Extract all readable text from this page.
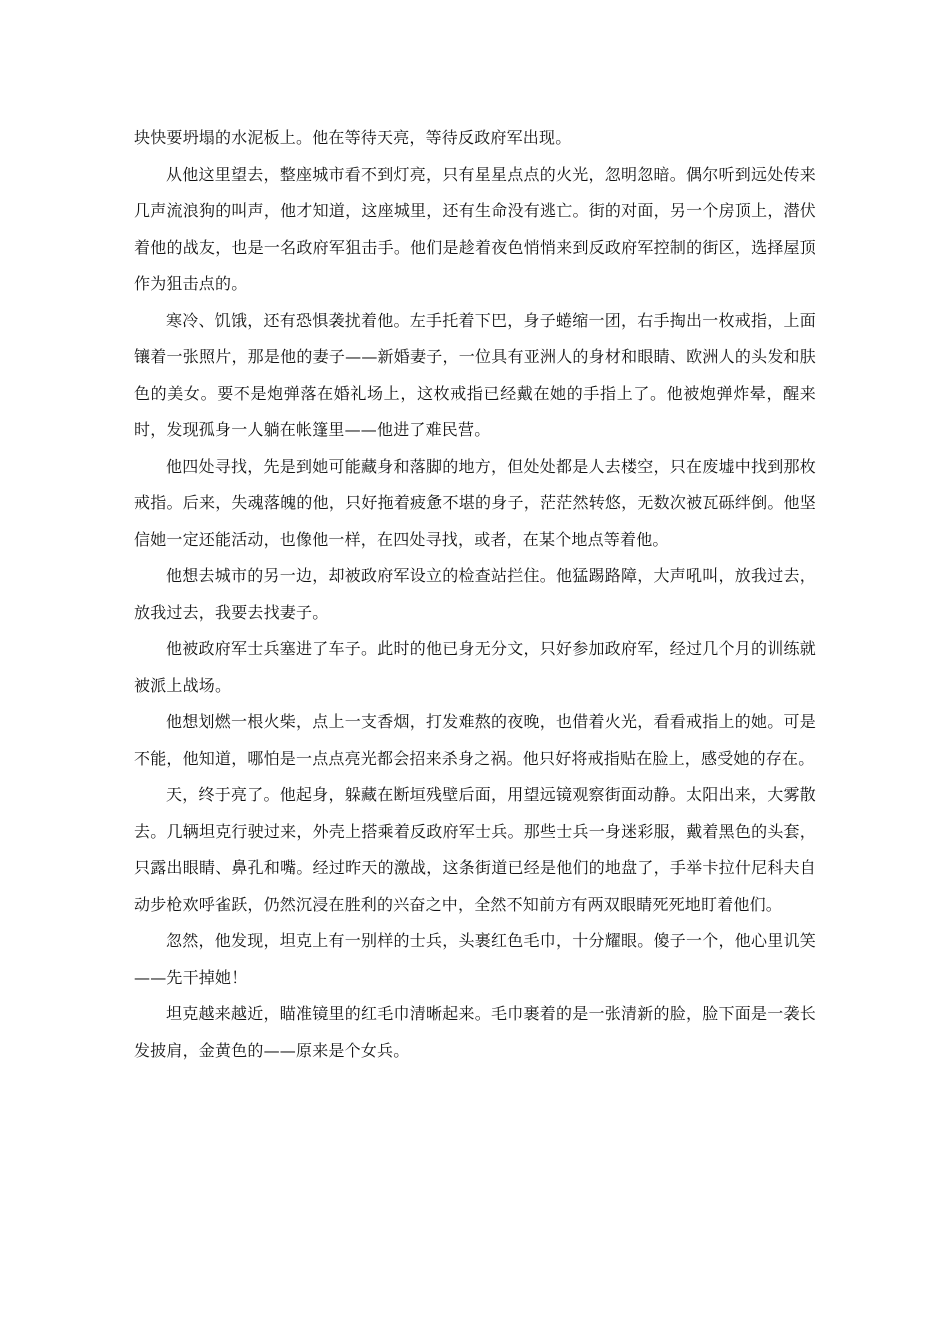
块快要坍塌的水泥板上。他在等待天亮，等待反政府军出现。

从他这里望去，整座城市看不到灯亮，只有星星点点的火光，忽明忽暗。偶尔听到远处传来几声流浪狗的叫声，他才知道，这座城里，还有生命没有逃亡。街的对面，另一个房顶上，潜伏着他的战友，也是一名政府军狙击手。他们是趁着夜色悄悄来到反政府军控制的街区，选择屋顶作为狙击点的。

寒冷、饥饿，还有恐惧袭扰着他。左手托着下巴，身子蜷缩一团，右手掏出一枚戒指，上面镶着一张照片，那是他的妻子——新婚妻子，一位具有亚洲人的身材和眼睛、欧洲人的头发和肤色的美女。要不是炮弹落在婚礼场上，这枚戒指已经戴在她的手指上了。他被炮弹炸晕，醒来时，发现孤身一人躺在帐篷里——他进了难民营。

他四处寻找，先是到她可能藏身和落脚的地方，但处处都是人去楼空，只在废墟中找到那枚戒指。后来，失魂落魄的他，只好拖着疲惫不堪的身子，茫茫然转悠，无数次被瓦砾绊倒。他坚信她一定还能活动，也像他一样，在四处寻找，或者，在某个地点等着他。

他想去城市的另一边，却被政府军设立的检查站拦住。他猛踢路障，大声吼叫，放我过去，放我过去，我要去找妻子。

他被政府军士兵塞进了车子。此时的他已身无分文，只好参加政府军，经过几个月的训练就被派上战场。

他想划燃一根火柴，点上一支香烟，打发难熬的夜晚，也借着火光，看看戒指上的她。可是不能，他知道，哪怕是一点点亮光都会招来杀身之祸。他只好将戒指贴在脸上，感受她的存在。

天，终于亮了。他起身，躲藏在断垣残壁后面，用望远镜观察街面动静。太阳出来，大雾散去。几辆坦克行驶过来，外壳上搭乘着反政府军士兵。那些士兵一身迷彩服，戴着黑色的头套，只露出眼睛、鼻孔和嘴。经过昨天的激战，这条街道已经是他们的地盘了，手举卡拉什尼科夫自动步枪欢呼雀跃，仍然沉浸在胜利的兴奋之中，全然不知前方有两双眼睛死死地盯着他们。

忽然，他发现，坦克上有一别样的士兵，头裹红色毛巾，十分耀眼。傻子一个，他心里讥笑——先干掉她！

坦克越来越近，瞄准镜里的红毛巾清晰起来。毛巾裹着的是一张清新的脸，脸下面是一袭长发披肩，金黄色的——原来是个女兵。
